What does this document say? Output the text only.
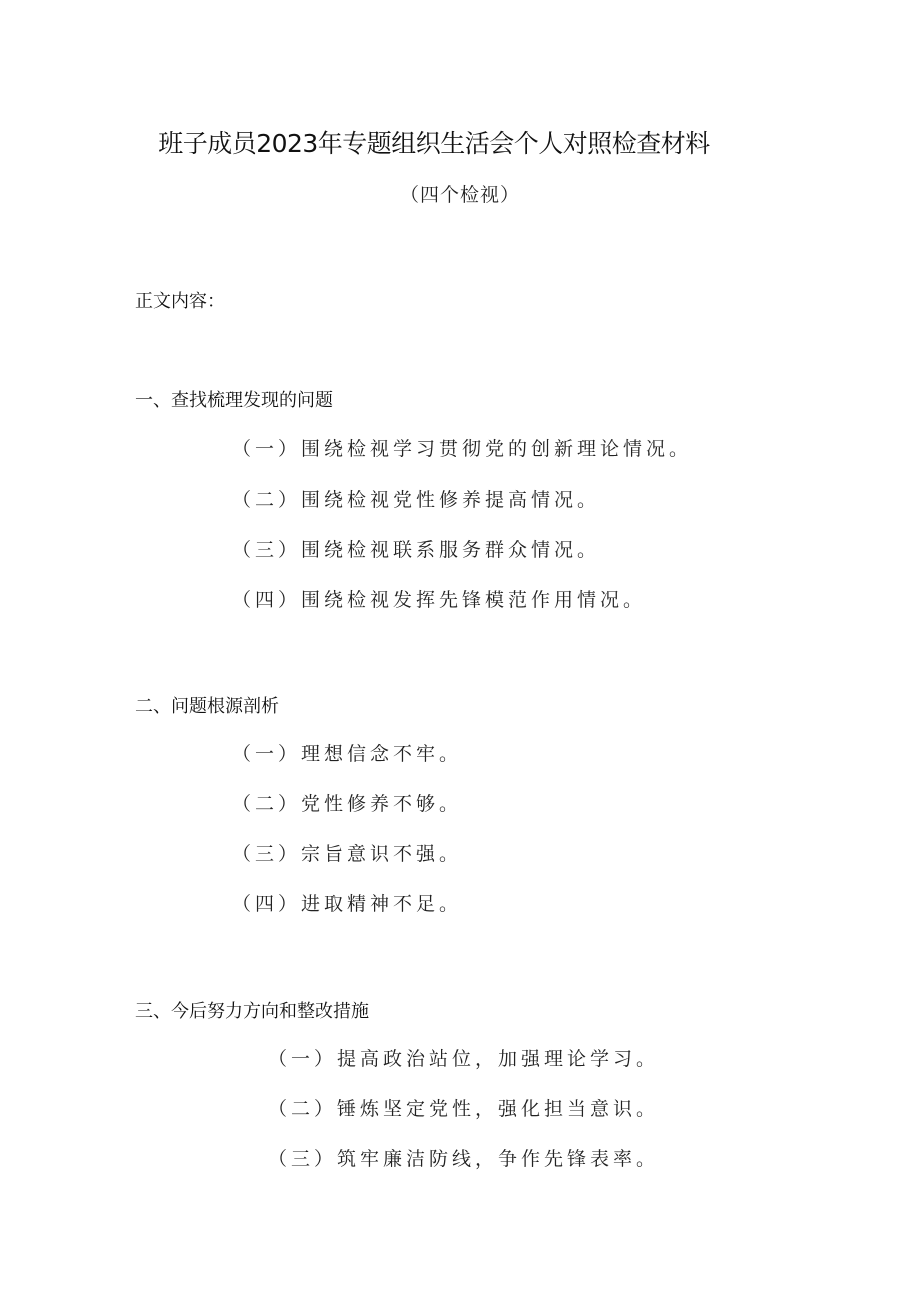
班子成员2023年专题组织生活会个人对照检查材料
（四个检视）
正文内容：
一、查找梳理发现的问题
（一）围绕检视学习贯彻党的创新理论情况。
（二）围绕检视党性修养提高情况。
（三）围绕检视联系服务群众情况。
（四）围绕检视发挥先锋模范作用情况。
二、问题根源剖析
（一）理想信念不牢。
（二）党性修养不够。
（三）宗旨意识不强。
（四）进取精神不足。
三、今后努力方向和整改措施
（一）提高政治站位，加强理论学习。
（二）锤炼坚定党性，强化担当意识。
（三）筑牢廉洁防线，争作先锋表率。
